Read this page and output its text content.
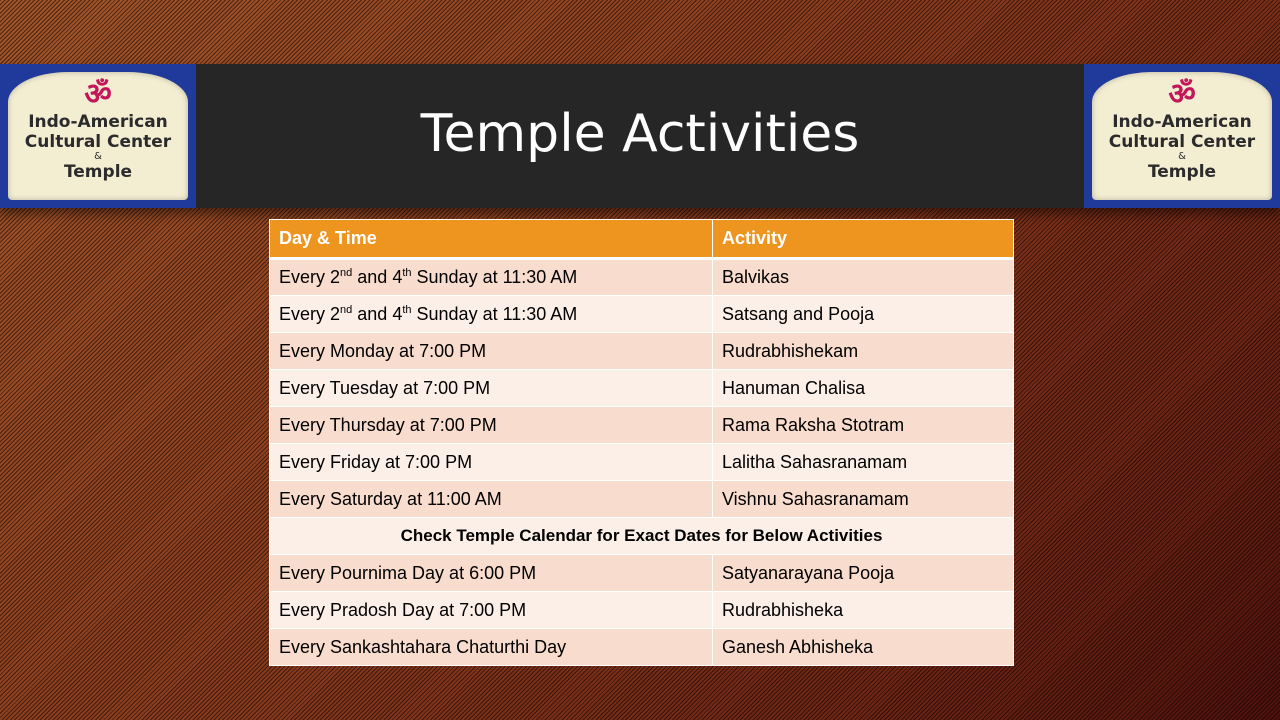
Temple Activities
ॐ
Indo-American
Cultural Center
&
Temple
ॐ
Indo-American
Cultural Center
&
Temple
Day & Time	Activity
Every 2nd and 4th Sunday at 11:30 AM	Balvikas
Every 2nd and 4th Sunday at 11:30 AM	Satsang and Pooja
Every Monday at 7:00 PM	Rudrabhishekam
Every Tuesday at 7:00 PM	Hanuman Chalisa
Every Thursday at 7:00 PM	Rama Raksha Stotram
Every Friday at 7:00 PM	Lalitha Sahasranamam
Every Saturday at 11:00 AM	Vishnu Sahasranamam
Check Temple Calendar for Exact Dates for Below Activities	
Every Pournima Day at 6:00 PM	Satyanarayana Pooja
Every Pradosh Day at 7:00 PM	Rudrabhisheka
Every Sankashtahara Chaturthi Day	Ganesh Abhisheka
